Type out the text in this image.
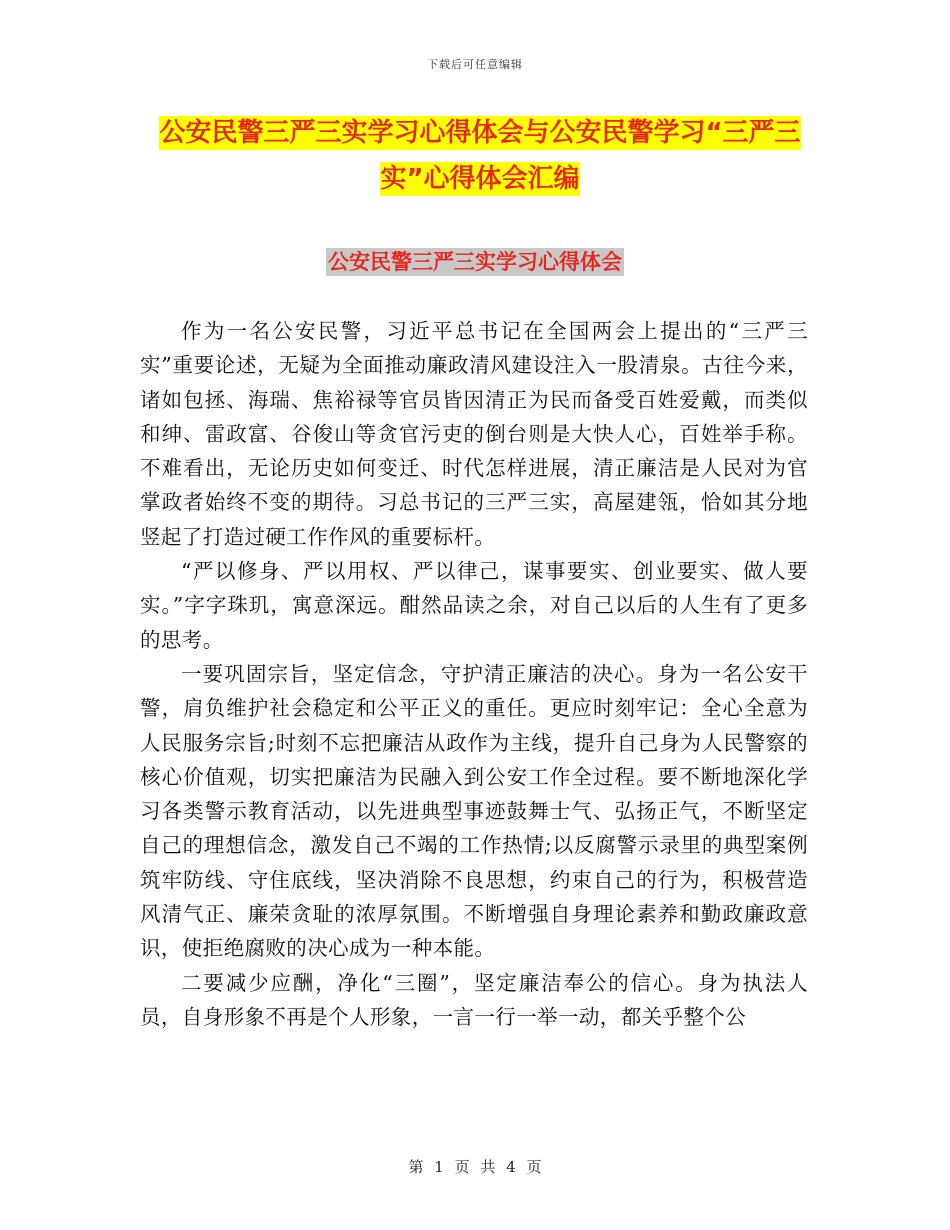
下载后可任意编辑
公安民警三严三实学习心得体会与公安民警学习“三严三实”心得体会汇编
公安民警三严三实学习心得体会

作为一名公安民警，习近平总书记在全国两会上提出的“三严三实”重要论述，无疑为全面推动廉政清风建设注入一股清泉。古往今来，诸如包拯、海瑞、焦裕禄等官员皆因清正为民而备受百姓爱戴，而类似和绅、雷政富、谷俊山等贪官污吏的倒台则是大快人心，百姓举手称。不难看出，无论历史如何变迁、时代怎样进展，清正廉洁是人民对为官掌政者始终不变的期待。习总书记的三严三实，高屋建瓴，恰如其分地竖起了打造过硬工作作风的重要标杆。

“严以修身、严以用权、严以律己，谋事要实、创业要实、做人要实。”字字珠玑，寓意深远。酣然品读之余，对自己以后的人生有了更多的思考。

一要巩固宗旨，坚定信念，守护清正廉洁的决心。身为一名公安干警，肩负维护社会稳定和公平正义的重任。更应时刻牢记：全心全意为人民服务宗旨;时刻不忘把廉洁从政作为主线，提升自己身为人民警察的核心价值观，切实把廉洁为民融入到公安工作全过程。要不断地深化学习各类警示教育活动，以先进典型事迹鼓舞士气、弘扬正气，不断坚定自己的理想信念，激发自己不竭的工作热情;以反腐警示录里的典型案例筑牢防线、守住底线，坚决消除不良思想，约束自己的行为，积极营造风清气正、廉荣贪耻的浓厚氛围。不断增强自身理论素养和勤政廉政意识，使拒绝腐败的决心成为一种本能。

二要减少应酬，净化“三圈”，坚定廉洁奉公的信心。身为执法人员，自身形象不再是个人形象，一言一行一举一动，都关乎整个公

第 1 页 共 4 页
